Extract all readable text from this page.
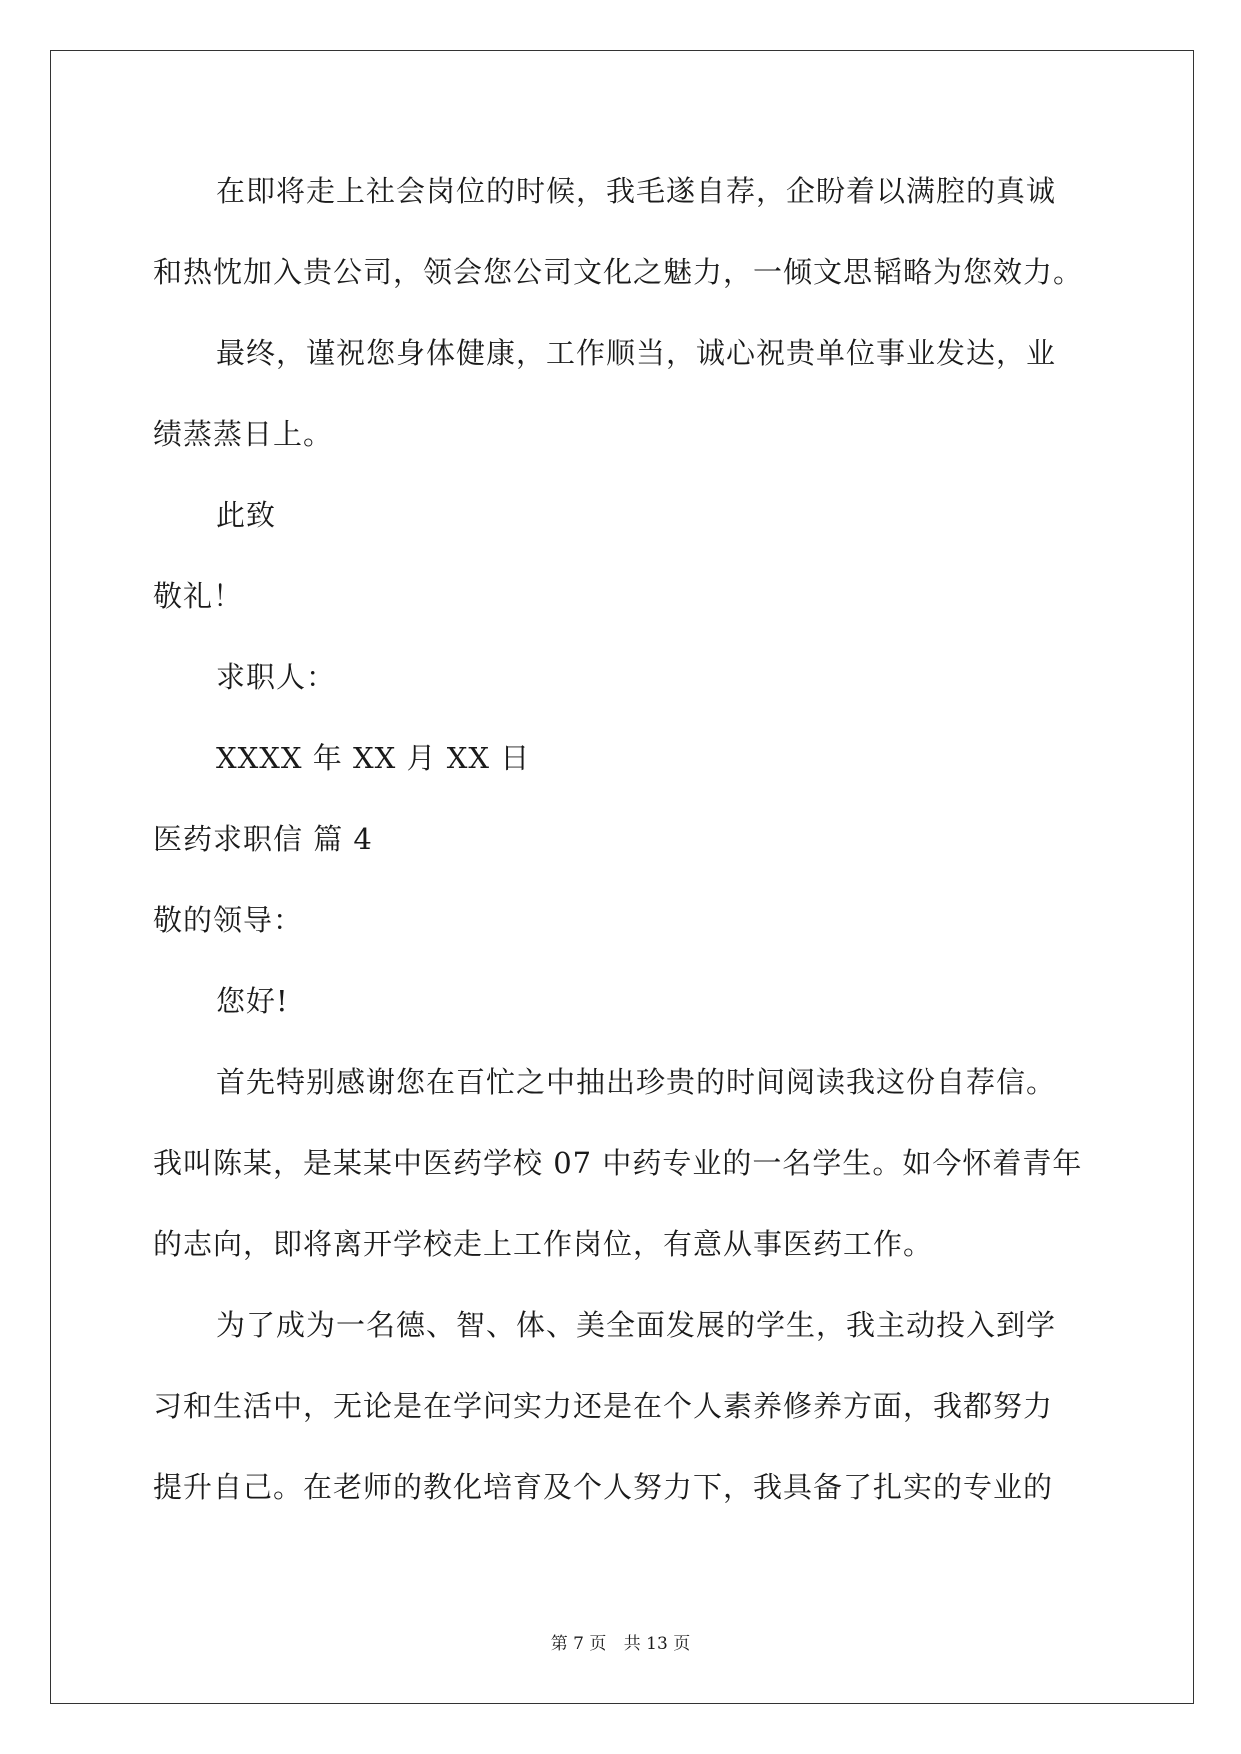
在即将走上社会岗位的时候，我毛遂自荐，企盼着以满腔的真诚
和热忱加入贵公司，领会您公司文化之魅力，一倾文思韬略为您效力。
最终，谨祝您身体健康，工作顺当，诚心祝贵单位事业发达，业
绩蒸蒸日上。
此致
敬礼！
求职人：
XXXX 年 XX 月 XX 日
医药求职信 篇 4
敬的领导：
您好!
首先特别感谢您在百忙之中抽出珍贵的时间阅读我这份自荐信。
我叫陈某，是某某中医药学校 07 中药专业的一名学生。如今怀着青年
的志向，即将离开学校走上工作岗位，有意从事医药工作。
为了成为一名德、智、体、美全面发展的学生，我主动投入到学
习和生活中，无论是在学问实力还是在个人素养修养方面，我都努力
提升自己。在老师的教化培育及个人努力下，我具备了扎实的专业的
第 7 页 共 13 页
